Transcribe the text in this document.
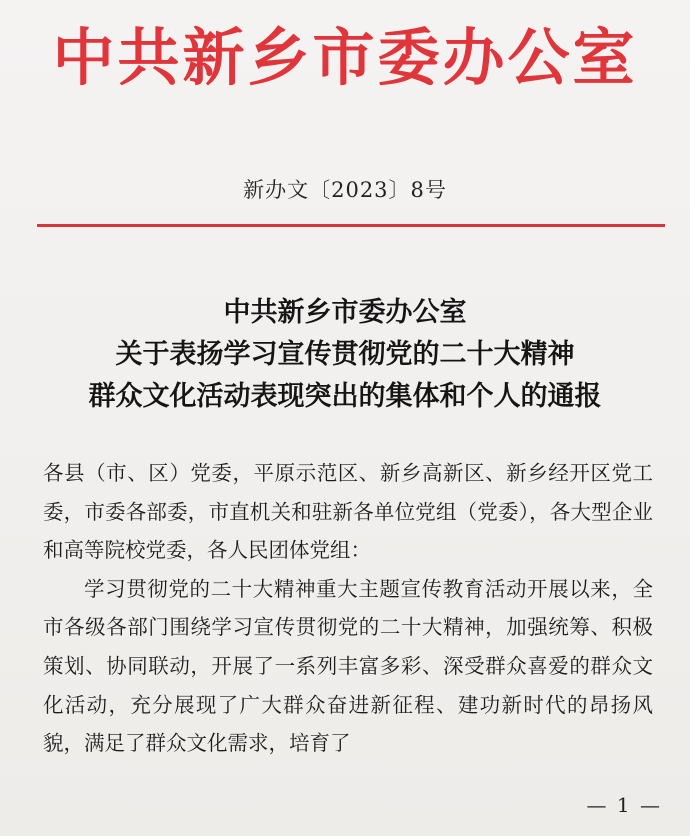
中共新乡市委办公室
新办文〔2023〕8号
中共新乡市委办公室
关于表扬学习宣传贯彻党的二十大精神
群众文化活动表现突出的集体和个人的通报

各县（市、区）党委，平原示范区、新乡高新区、新乡经开区党工委，市委各部委，市直机关和驻新各单位党组（党委），各大型企业和高等院校党委，各人民团体党组：

学习贯彻党的二十大精神重大主题宣传教育活动开展以来，全市各级各部门围绕学习宣传贯彻党的二十大精神，加强统筹、积极策划、协同联动，开展了一系列丰富多彩、深受群众喜爱的群众文化活动，充分展现了广大群众奋进新征程、建功新时代的昂扬风貌，满足了群众文化需求，培育了

— 1 —
